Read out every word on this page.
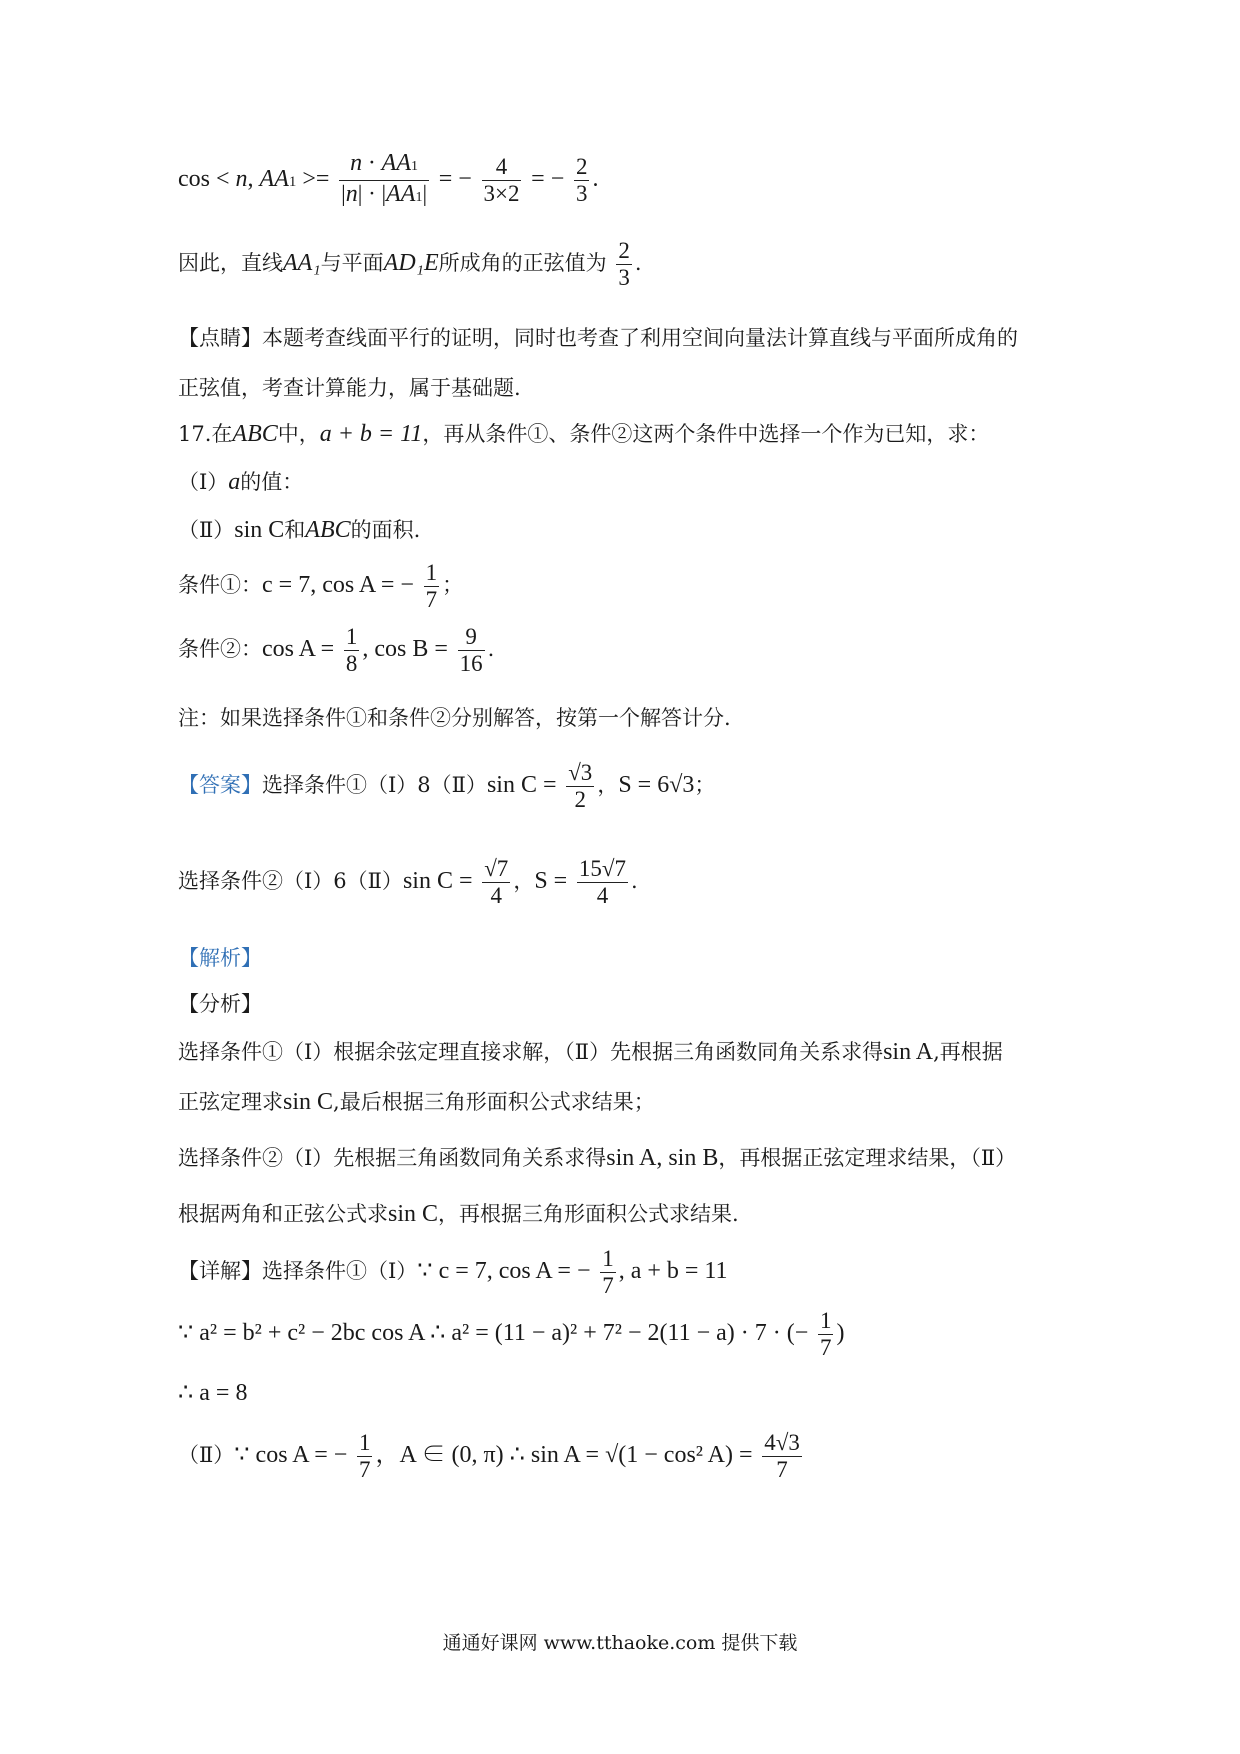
cos < n, $AA1 >= \frac{n \cdot AA1}{|n| \cdot |AA1|}$ = − $\frac{4}{3\times 2}$ = − $\frac{2}{3}$ .
因此，直线AA₁与平面AD₁E所成角的正弦值为 $\frac{2}{3}$ .
【点睛】本题考查线面平行的证明，同时也考查了利用空间向量法计算直线与平面所成角的
正弦值，考查计算能力，属于基础题.
17.在ABC中，a + b = 11，再从条件①、条件②这两个条件中选择一个作为已知，求：
（Ⅰ）a的值：
（Ⅱ）sin C和ABC的面积.
条件①：c = 7, cos A = − $\frac{1}{7}$ ；
条件②：$\cos A = \frac{1}{8}$ , $\cos B = \frac{9}{16}$ .
注：如果选择条件①和条件②分别解答，按第一个解答计分.
【答案】选择条件①（Ⅰ）8（Ⅱ）sin $C = \frac{√3}{2}$ ，S = 6√3；
选择条件②（Ⅰ）6（Ⅱ）sin $C = \frac{√7}{4}$ ，$S = \frac{15√7}{4}$ .
【解析】
【分析】
选择条件①（Ⅰ）根据余弦定理直接求解，（Ⅱ）先根据三角函数同角关系求得sin A,再根据
正弦定理求sin C,最后根据三角形面积公式求结果；
选择条件②（Ⅰ）先根据三角函数同角关系求得sin A, sin B，再根据正弦定理求结果，（Ⅱ）
根据两角和正弦公式求sin C，再根据三角形面积公式求结果.
【详解】选择条件①（Ⅰ）∵ c = 7, cos A = − $\frac{1}{7}$ , a + b = 11
∵ a² = b² + c² − 2bc cos A ∴ a² = (11 − a)² + 7² − 2(11 − a) · 7 · (− $\frac{1}{7}$ )
∴ a = 8
（Ⅱ）∵ cos A = − $\frac{1}{7}$ ，A ∈ (0, π) ∴ sin A = √(1 − cos² $A) = \frac{4√3}{7}$
通通好课网 www.tthaoke.com 提供下载
